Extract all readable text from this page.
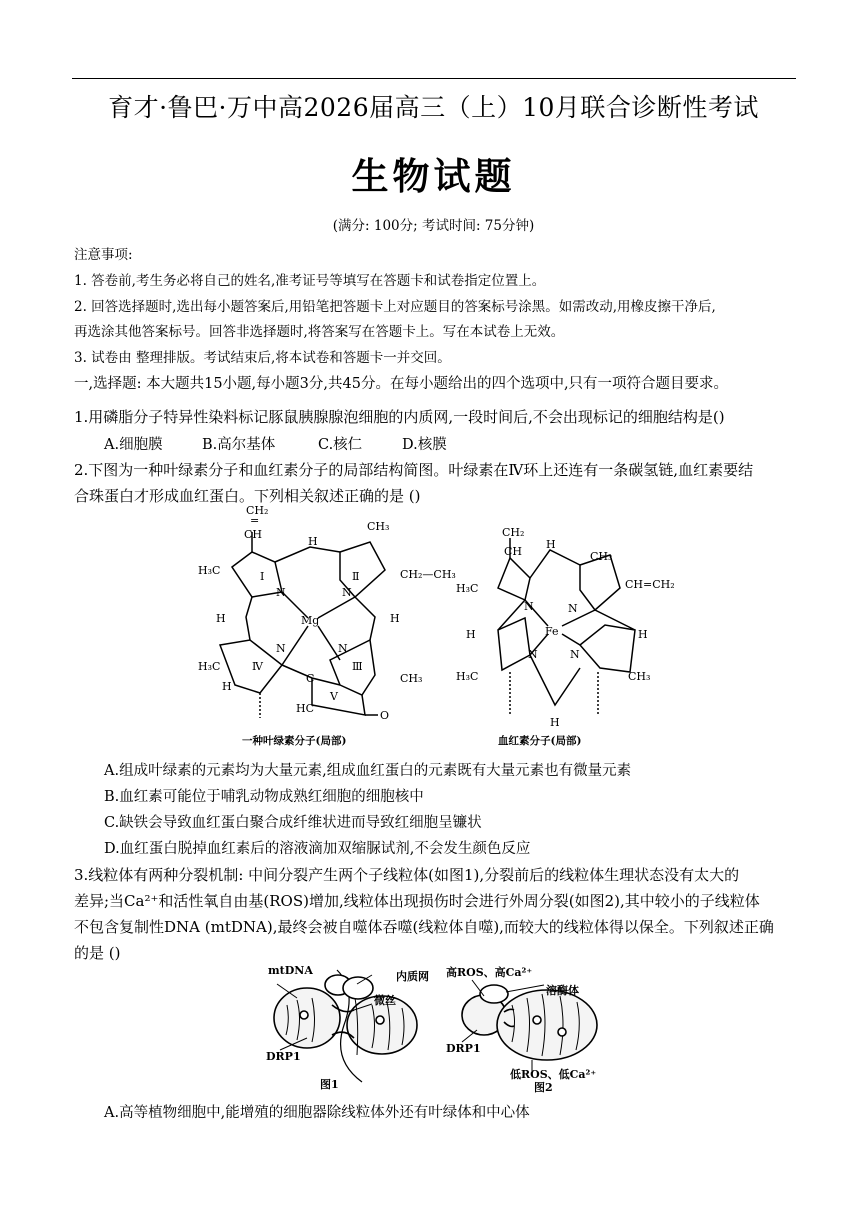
育才·鲁巴·万中高2026届高三（上）10月联合诊断性考试
生物试题
(满分: 100分; 考试时间: 75分钟)
注意事项:
1. 答卷前,考生务必将自己的姓名,准考证号等填写在答题卡和试卷指定位置上。
2. 回答选择题时,选出每小题答案后,用铅笔把答题卡上对应题目的答案标号涂黑。如需改动,用橡皮擦干净后,
再选涂其他答案标号。回答非选择题时,将答案写在答题卡上。写在本试卷上无效。
3. 试卷由 整理排版。考试结束后,将本试卷和答题卡一并交回。
一,选择题: 本大题共15小题,每小题3分,共45分。在每小题给出的四个选项中,只有一项符合题目要求。
1.用磷脂分子特异性染料标记豚鼠胰腺腺泡细胞的内质网,一段时间后,不会出现标记的细胞结构是()
A.细胞膜	B.高尔基体	C.核仁	D.核膜
2.下图为一种叶绿素分子和血红素分子的局部结构简图。叶绿素在Ⅳ环上还连有一条碳氢链,血红素要结
合珠蛋白才形成血红蛋白。下列相关叙述正确的是 ()
CH₂
=
CH
H
CH₃
H₃C	Ⅰ	Ⅱ	CH₂—CH₃
N	N
Mg
H	H
N	N
H₃C	Ⅳ	Ⅲ
CH₃
H
C
Ⅴ
HC
O
CH₂
CH
H
CH₃
CH=CH₂
H₃C
N	N
H	Fe	H
N	N
H₃C	CH₃
H
一种叶绿素分子(局部)	血红素分子(局部)
A.组成叶绿素的元素均为大量元素,组成血红蛋白的元素既有大量元素也有微量元素
B.血红素可能位于哺乳动物成熟红细胞的细胞核中
C.缺铁会导致血红蛋白聚合成纤维状进而导致红细胞呈镰状
D.血红蛋白脱掉血红素后的溶液滴加双缩脲试剂,不会发生颜色反应
3.线粒体有两种分裂机制: 中间分裂产生两个子线粒体(如图1),分裂前后的线粒体生理状态没有太大的
差异;当Ca²⁺和活性氧自由基(ROS)增加,线粒体出现损伤时会进行外周分裂(如图2),其中较小的子线粒体
不包含复制性DNA (mtDNA),最终会被自噬体吞噬(线粒体自噬),而较大的线粒体得以保全。下列叙述正确
的是 ()
mtDNA	内质网
微丝
DRP1
图1
高ROS、高Ca²⁺
溶酶体
DRP1
低ROS、低Ca²⁺
图2
A.高等植物细胞中,能增殖的细胞器除线粒体外还有叶绿体和中心体
